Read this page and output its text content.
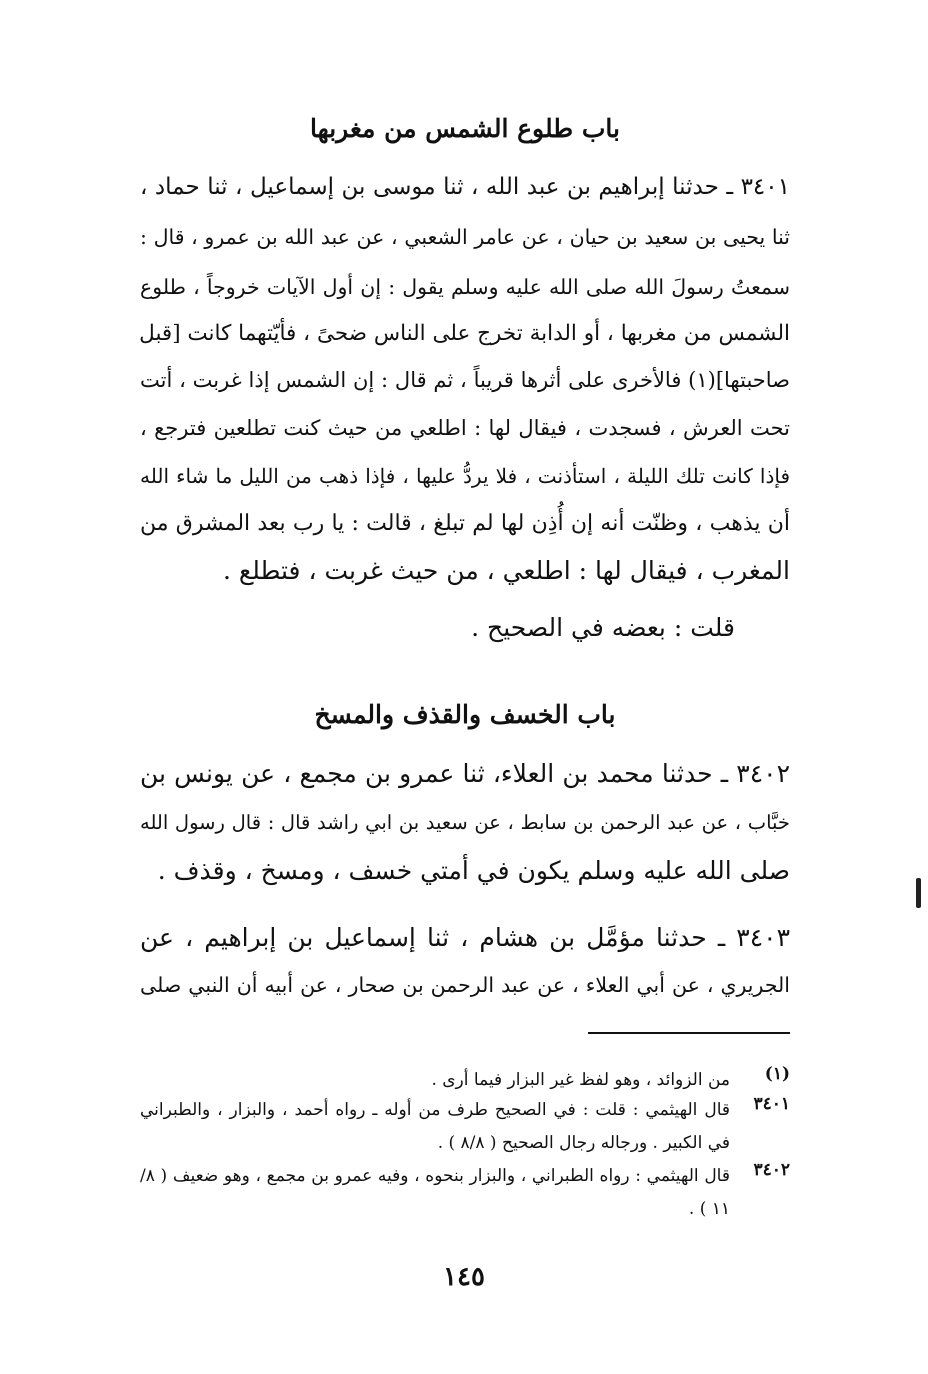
باب طلوع الشمس من مغربها
٣٤٠١ ـ حدثنا إبراهيم بن عبد الله ، ثنا موسى بن إسماعيل ، ثنا حماد ،
ثنا يحيى بن سعيد بن حيان ، عن عامر الشعبي ، عن عبد الله بن عمرو ، قال :
سمعتُ رسولَ الله صلى الله عليه وسلم يقول : إن أول الآيات خروجاً ، طلوع
الشمس من مغربها ، أو الدابة تخرج على الناس ضحىً ، فأيّتهما كانت [قبل
صاحبتها](١) فالأخرى على أثرها قريباً ، ثم قال : إن الشمس إذا غربت ، أتت
تحت العرش ، فسجدت ، فيقال لها : اطلعي من حيث كنت تطلعين فترجع ،
فإذا كانت تلك الليلة ، استأذنت ، فلا يردُّ عليها ، فإذا ذهب من الليل ما شاء الله
أن يذهب ، وظنّت أنه إن أُذِن لها لم تبلغ ، قالت : يا رب بعد المشرق من
المغرب ، فيقال لها : اطلعي ، من حيث غربت ، فتطلع .
قلت : بعضه في الصحيح .
باب الخسف والقذف والمسخ
٣٤٠٢ ـ حدثنا محمد بن العلاء، ثنا عمرو بن مجمع ، عن يونس بن
خبَّاب ، عن عبد الرحمن بن سابط ، عن سعيد بن ابي راشد قال : قال رسول الله
صلى الله عليه وسلم يكون في أمتي خسف ، ومسخ ، وقذف .
٣٤٠٣ ـ حدثنا مؤمَّل بن هشام ، ثنا إسماعيل بن إبراهيم ، عن
الجريري ، عن أبي العلاء ، عن عبد الرحمن بن صحار ، عن أبيه أن النبي صلى
(١)
من الزوائد ، وهو لفظ غير البزار فيما أرى .
٣٤٠١
قال الهيثمي : قلت : في الصحيح طرف من أوله ـ رواه أحمد ، والبزار ، والطبراني في الكبير . ورجاله رجال الصحيح ( ٨/٨ ) .
٣٤٠٢
قال الهيثمي : رواه الطبراني ، والبزار بنحوه ، وفيه عمرو بن مجمع ، وهو ضعيف ( ٨/ ١١ ) .
١٤٥
